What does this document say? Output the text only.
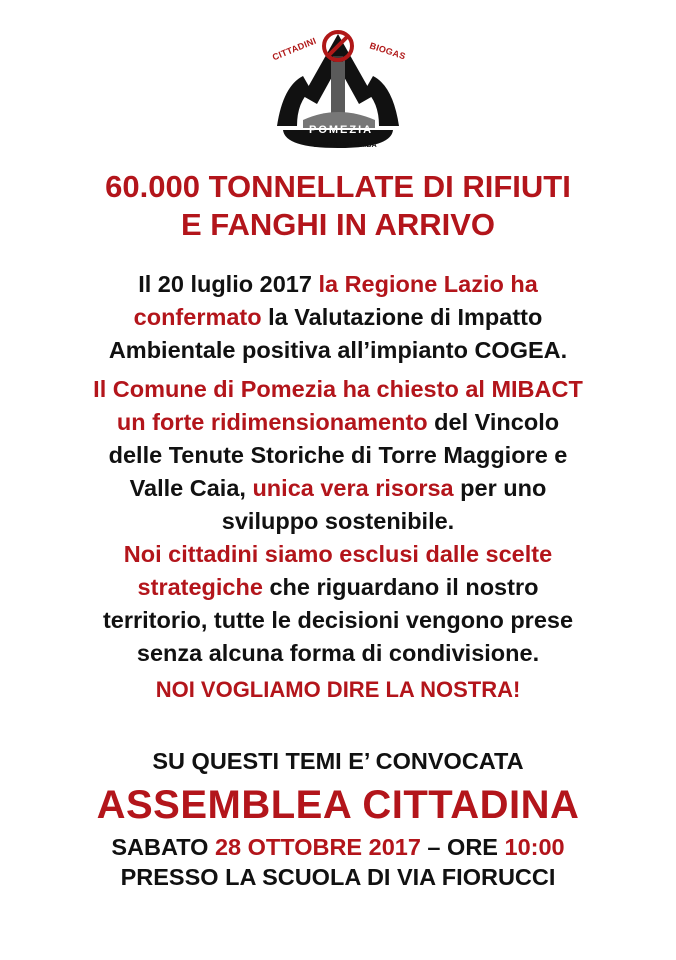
CITTADINI	BIOGAS
POMEZIA
SANTA PALOMBA
60.000 TONNELLATE DI RIFIUTI
E FANGHI IN ARRIVO
Il 20 luglio 2017 la Regione Lazio ha
confermato la Valutazione di Impatto
Ambientale positiva all’impianto COGEA.
Il Comune di Pomezia ha chiesto al MIBACT
un forte ridimensionamento del Vincolo
delle Tenute Storiche di Torre Maggiore e
Valle Caia, unica vera risorsa per uno
sviluppo sostenibile.
Noi cittadini siamo esclusi dalle scelte
strategiche che riguardano il nostro
territorio, tutte le decisioni vengono prese
senza alcuna forma di condivisione.
NOI VOGLIAMO DIRE LA NOSTRA!
SU QUESTI TEMI E’ CONVOCATA
ASSEMBLEA CITTADINA
SABATO 28 OTTOBRE 2017 – ORE 10:00
PRESSO LA SCUOLA DI VIA FIORUCCI
